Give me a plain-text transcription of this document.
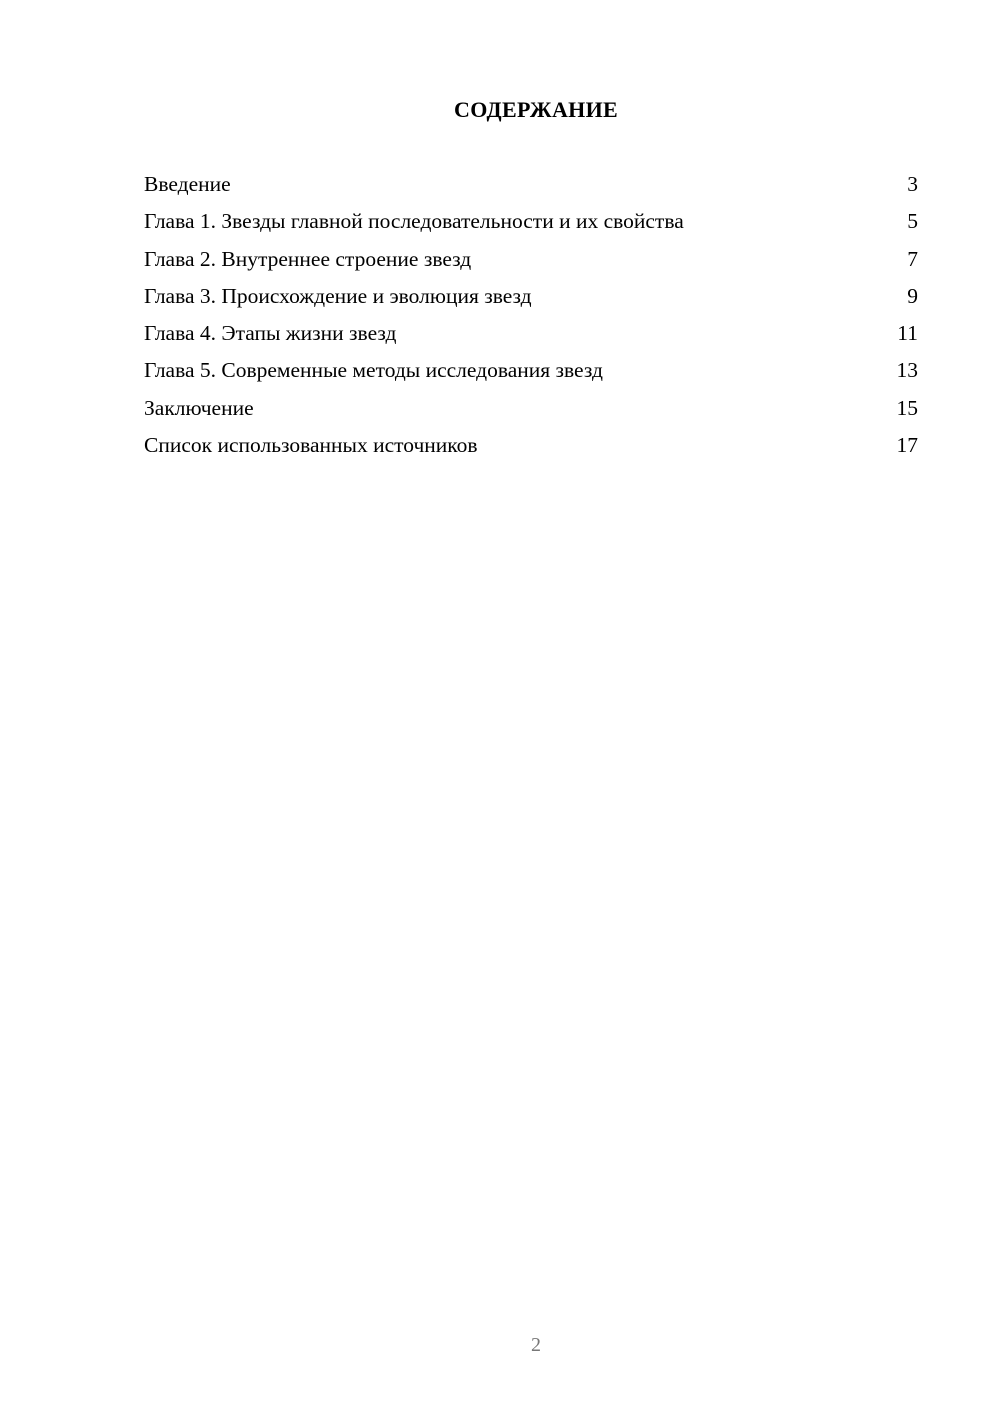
СОДЕРЖАНИЕ
Введение	3
Глава 1. Звезды главной последовательности и их свойства	5
Глава 2. Внутреннее строение звезд	7
Глава 3. Происхождение и эволюция звезд	9
Глава 4. Этапы жизни звезд	11
Глава 5. Современные методы исследования звезд	13
Заключение	15
Список использованных источников	17
2
